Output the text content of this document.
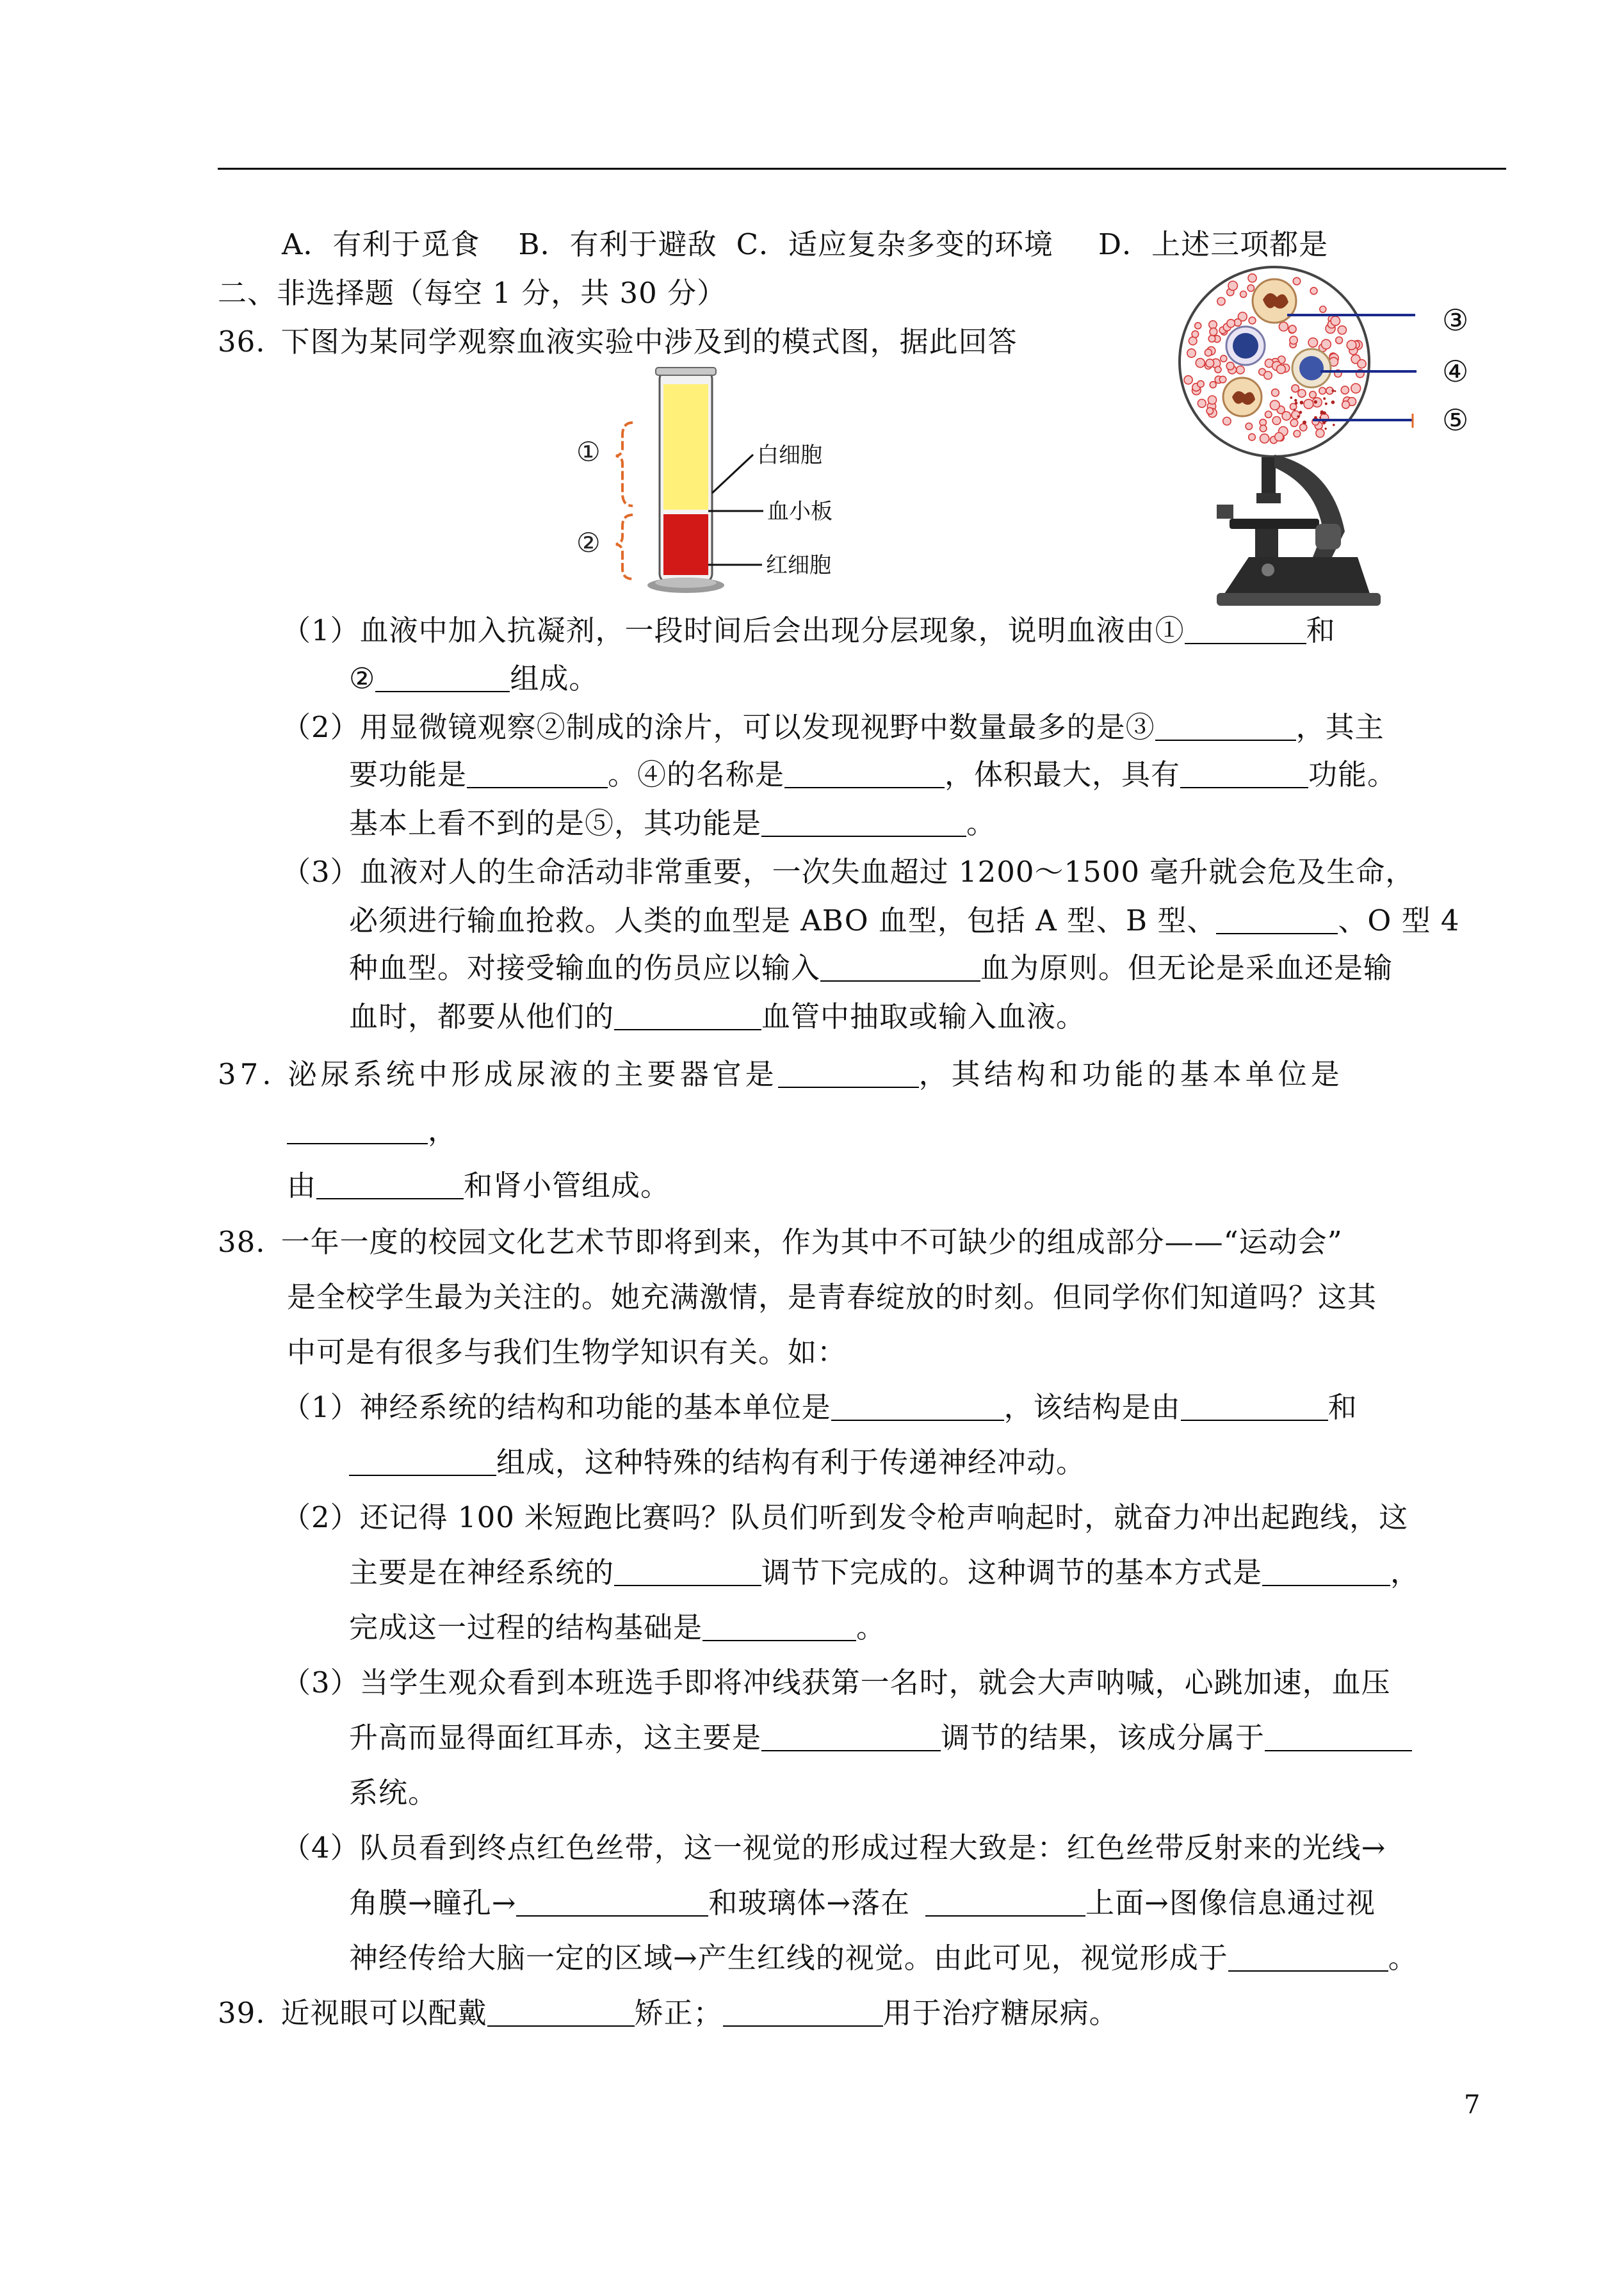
A．有利于觅食 B．有利于避敌 C．适应复杂多变的环境 D．上述三项都是
二、非选择题（每空 1 分，共 30 分）
36. 下图为某同学观察血液实验中涉及到的模式图，据此回答
①
②
白细胞
血小板
红细胞
③
④
⑤
（1）血液中加入抗凝剂，一段时间后会出现分层现象，说明血液由①	和
②	组成。
（2）用显微镜观察②制成的涂片，可以发现视野中数量最多的是③	，其主
要功能是	。④的名称是	，体积最大，具有	功能。
基本上看不到的是⑤，其功能是	。
（3）血液对人的生命活动非常重要，一次失血超过 1200～1500 毫升就会危及生命，
必须进行输血抢救。人类的血型是 ABO 血型，包括 A 型、B 型、	、O 型 4
种血型。对接受输血的伤员应以输入	血为原则。但无论是采血还是输
血时，都要从他们的	血管中抽取或输入血液。
37. 泌尿系统中形成尿液的主要器官是	，其结构和功能的基本单位是
，
由	和肾小管组成。
38. 一年一度的校园文化艺术节即将到来，作为其中不可缺少的组成部分——“运动会”
是全校学生最为关注的。她充满激情，是青春绽放的时刻。但同学你们知道吗？这其
中可是有很多与我们生物学知识有关。如：
（1）神经系统的结构和功能的基本单位是	，该结构是由	和
组成，这种特殊的结构有利于传递神经冲动。
（2）还记得 100 米短跑比赛吗？队员们听到发令枪声响起时，就奋力冲出起跑线，这
主要是在神经系统的	调节下完成的。这种调节的基本方式是	，
完成这一过程的结构基础是	。
（3）当学生观众看到本班选手即将冲线获第一名时，就会大声呐喊，心跳加速，血压
升高而显得面红耳赤，这主要是	调节的结果，该成分属于
系统。
（4）队员看到终点红色丝带，这一视觉的形成过程大致是：红色丝带反射来的光线→
角膜→瞳孔→	和玻璃体→落在	上面→图像信息通过视
神经传给大脑一定的区域→产生红线的视觉。由此可见，视觉形成于	。
39. 近视眼可以配戴	矫正；	用于治疗糖尿病。
7
